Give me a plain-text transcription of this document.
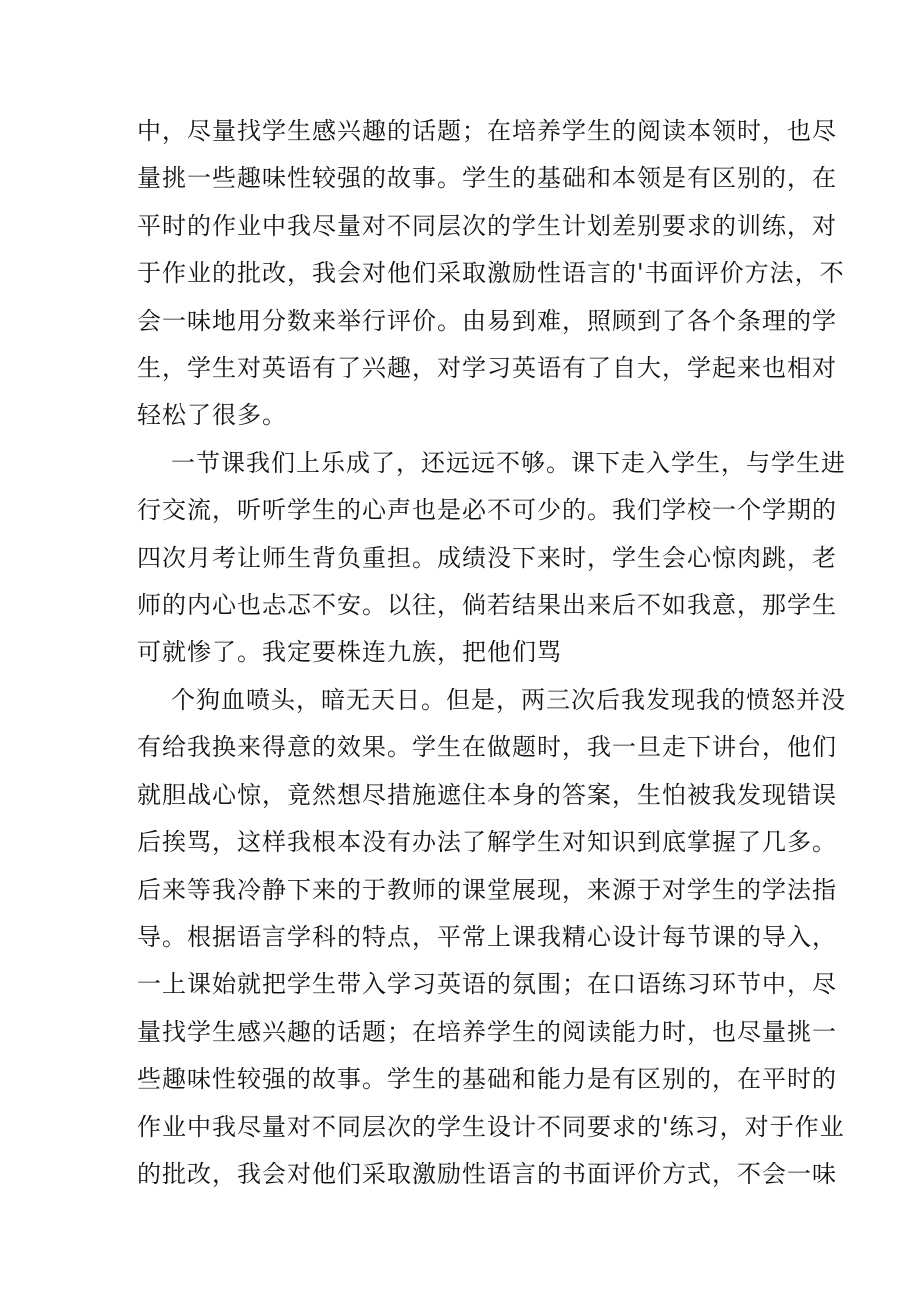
中，尽量找学生感兴趣的话题；在培养学生的阅读本领时，也尽
量挑一些趣味性较强的故事。学生的基础和本领是有区别的，在
平时的作业中我尽量对不同层次的学生计划差别要求的训练，对
于作业的批改，我会对他们采取激励性语言的'书面评价方法，不
会一味地用分数来举行评价。由易到难，照顾到了各个条理的学
生，学生对英语有了兴趣，对学习英语有了自大，学起来也相对
轻松了很多。
一节课我们上乐成了，还远远不够。课下走入学生，与学生进
行交流，听听学生的心声也是必不可少的。我们学校一个学期的
四次月考让师生背负重担。成绩没下来时，学生会心惊肉跳，老
师的内心也忐忑不安。以往，倘若结果出来后不如我意，那学生
可就惨了。我定要株连九族，把他们骂
个狗血喷头，暗无天日。但是，两三次后我发现我的愤怒并没
有给我换来得意的效果。学生在做题时，我一旦走下讲台，他们
就胆战心惊，竟然想尽措施遮住本身的答案，生怕被我发现错误
后挨骂，这样我根本没有办法了解学生对知识到底掌握了几多。
后来等我冷静下来的于教师的课堂展现，来源于对学生的学法指
导。根据语言学科的特点，平常上课我精心设计每节课的导入，
一上课始就把学生带入学习英语的氛围；在口语练习环节中，尽
量找学生感兴趣的话题；在培养学生的阅读能力时，也尽量挑一
些趣味性较强的故事。学生的基础和能力是有区别的，在平时的
作业中我尽量对不同层次的学生设计不同要求的'练习，对于作业
的批改，我会对他们采取激励性语言的书面评价方式，不会一味
